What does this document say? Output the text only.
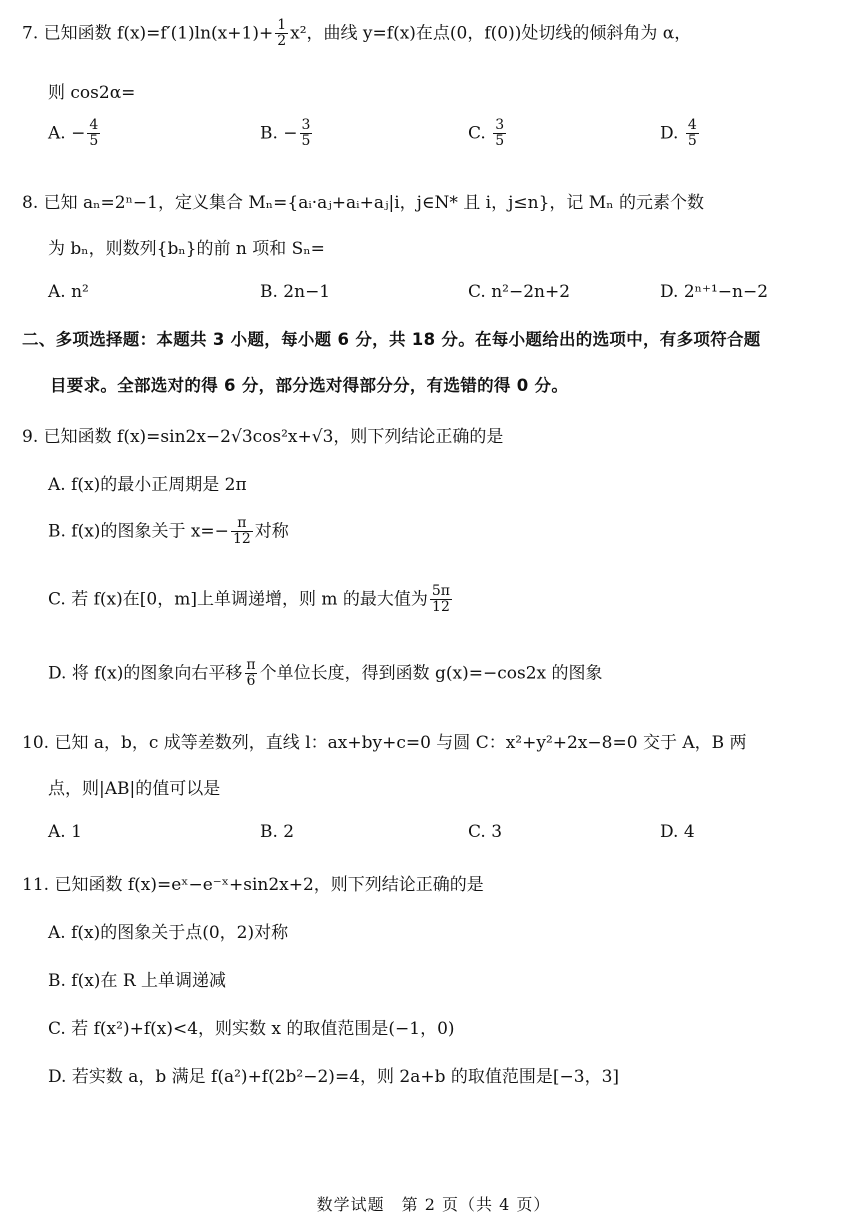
7. 已知函数 $f(x)=f'(1)\ln(x+1)+ \frac{1}{2} x^2$，曲线 y=f(x)在点(0，f(0))处切线的倾斜角为 α，
则 cos2α=
A. − $\frac{4}{5}$	B. − $\frac{3}{5}$	C. $\frac{3}{5}$	D. $\frac{4}{5}$
8. 已知 aₙ=2ⁿ−1，定义集合 Mₙ={aᵢ·aⱼ+aᵢ+aⱼ|i，j∈N* 且 i，j≤n}，记 Mₙ 的元素个数
为 bₙ，则数列{bₙ}的前 n 项和 Sₙ=
A. n²	B. 2n−1	C. n²−2n+2	D. 2ⁿ⁺¹−n−2
二、多项选择题：本题共 3 小题，每小题 6 分，共 18 分。在每小题给出的选项中，有多项符合题
目要求。全部选对的得 6 分，部分选对得部分分，有选错的得 0 分。
9. 已知函数 f(x)=sin2x−2√3cos²x+√3，则下列结论正确的是
A. f(x)的最小正周期是 2π
B. f(x)的图象关于 $x=- \frac{\pi}{12}$ 对称
C. 若 f(x)在[0，m]上单调递增，则 m 的最大值为 $\frac{5\pi}{12}$
D. 将 f(x)的图象向右平移 $\frac{\pi}{6}$ 个单位长度，得到函数 g(x)=−cos2x 的图象
10. 已知 a，b，c 成等差数列，直线 l：ax+by+c=0 与圆 C：x²+y²+2x−8=0 交于 A，B 两
点，则|AB|的值可以是
A. 1	B. 2	C. 3	D. 4
11. 已知函数 f(x)=eˣ−e⁻ˣ+sin2x+2，则下列结论正确的是
A. f(x)的图象关于点(0，2)对称
B. f(x)在 R 上单调递减
C. 若 f(x²)+f(x)<4，则实数 x 的取值范围是(−1，0)
D. 若实数 a，b 满足 f(a²)+f(2b²−2)=4，则 2a+b 的取值范围是[−3，3]
数学试题　第 2 页（共 4 页）
